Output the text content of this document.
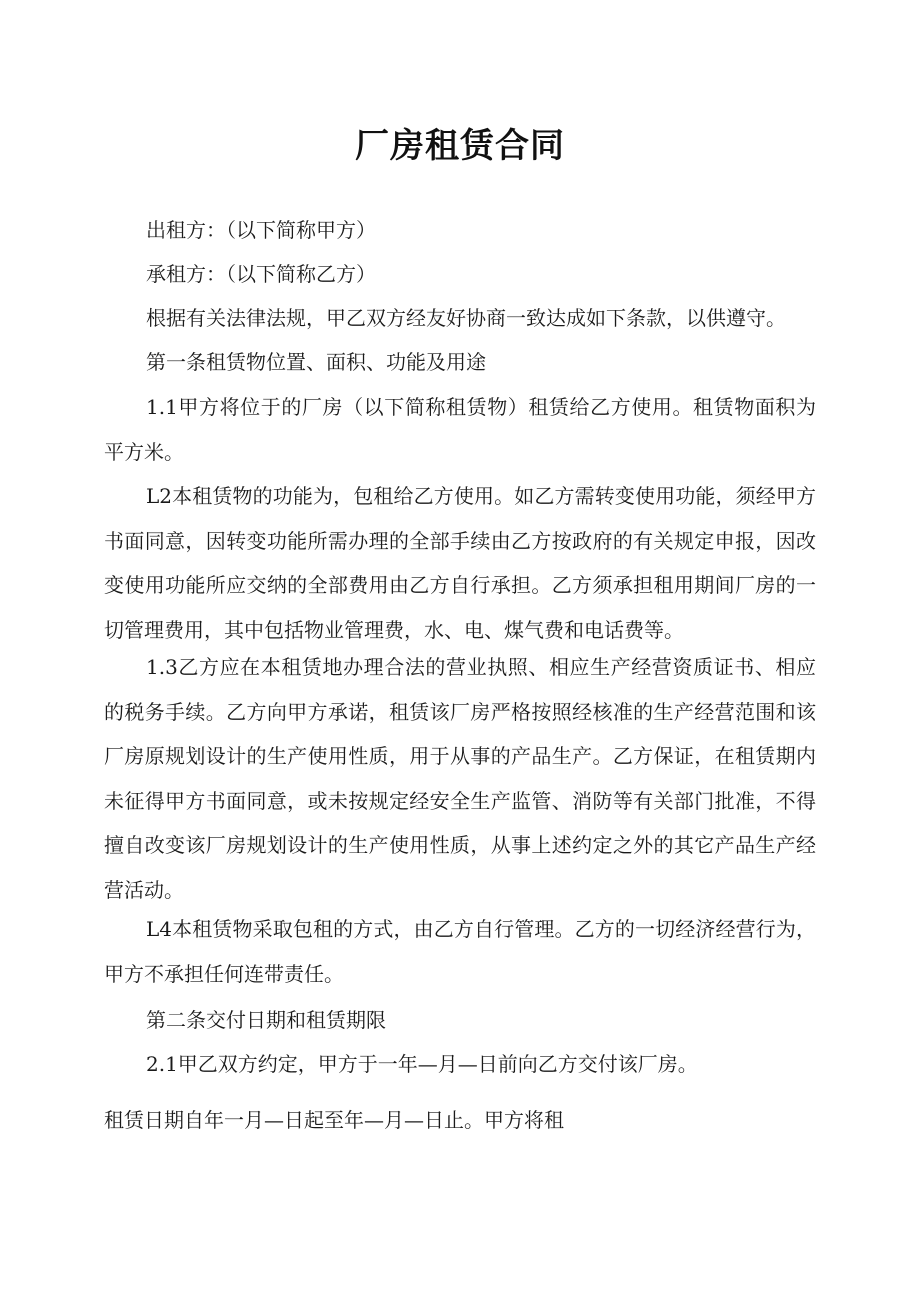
厂房租赁合同
出租方：（以下简称甲方）
承租方：（以下简称乙方）
根据有关法律法规，甲乙双方经友好协商一致达成如下条款，以供遵守。
第一条租赁物位置、面积、功能及用途

1.1甲方将位于的厂房（以下简称租赁物）租赁给乙方使用。租赁物面积为平方米。

L2本租赁物的功能为，包租给乙方使用。如乙方需转变使用功能，须经甲方书面同意，因转变功能所需办理的全部手续由乙方按政府的有关规定申报，因改变使用功能所应交纳的全部费用由乙方自行承担。乙方须承担租用期间厂房的一切管理费用，其中包括物业管理费，水、电、煤气费和电话费等。

1.3乙方应在本租赁地办理合法的营业执照、相应生产经营资质证书、相应的税务手续。乙方向甲方承诺，租赁该厂房严格按照经核准的生产经营范围和该厂房原规划设计的生产使用性质，用于从事的产品生产。乙方保证，在租赁期内未征得甲方书面同意，或未按规定经安全生产监管、消防等有关部门批准，不得擅自改变该厂房规划设计的生产使用性质，从事上述约定之外的其它产品生产经营活动。

L4本租赁物采取包租的方式，由乙方自行管理。乙方的一切经济经营行为，甲方不承担任何连带责任。

第二条交付日期和租赁期限
2.1甲乙双方约定，甲方于一年—月—日前向乙方交付该厂房。
租赁日期自年一月—日起至年—月—日止。甲方将租
